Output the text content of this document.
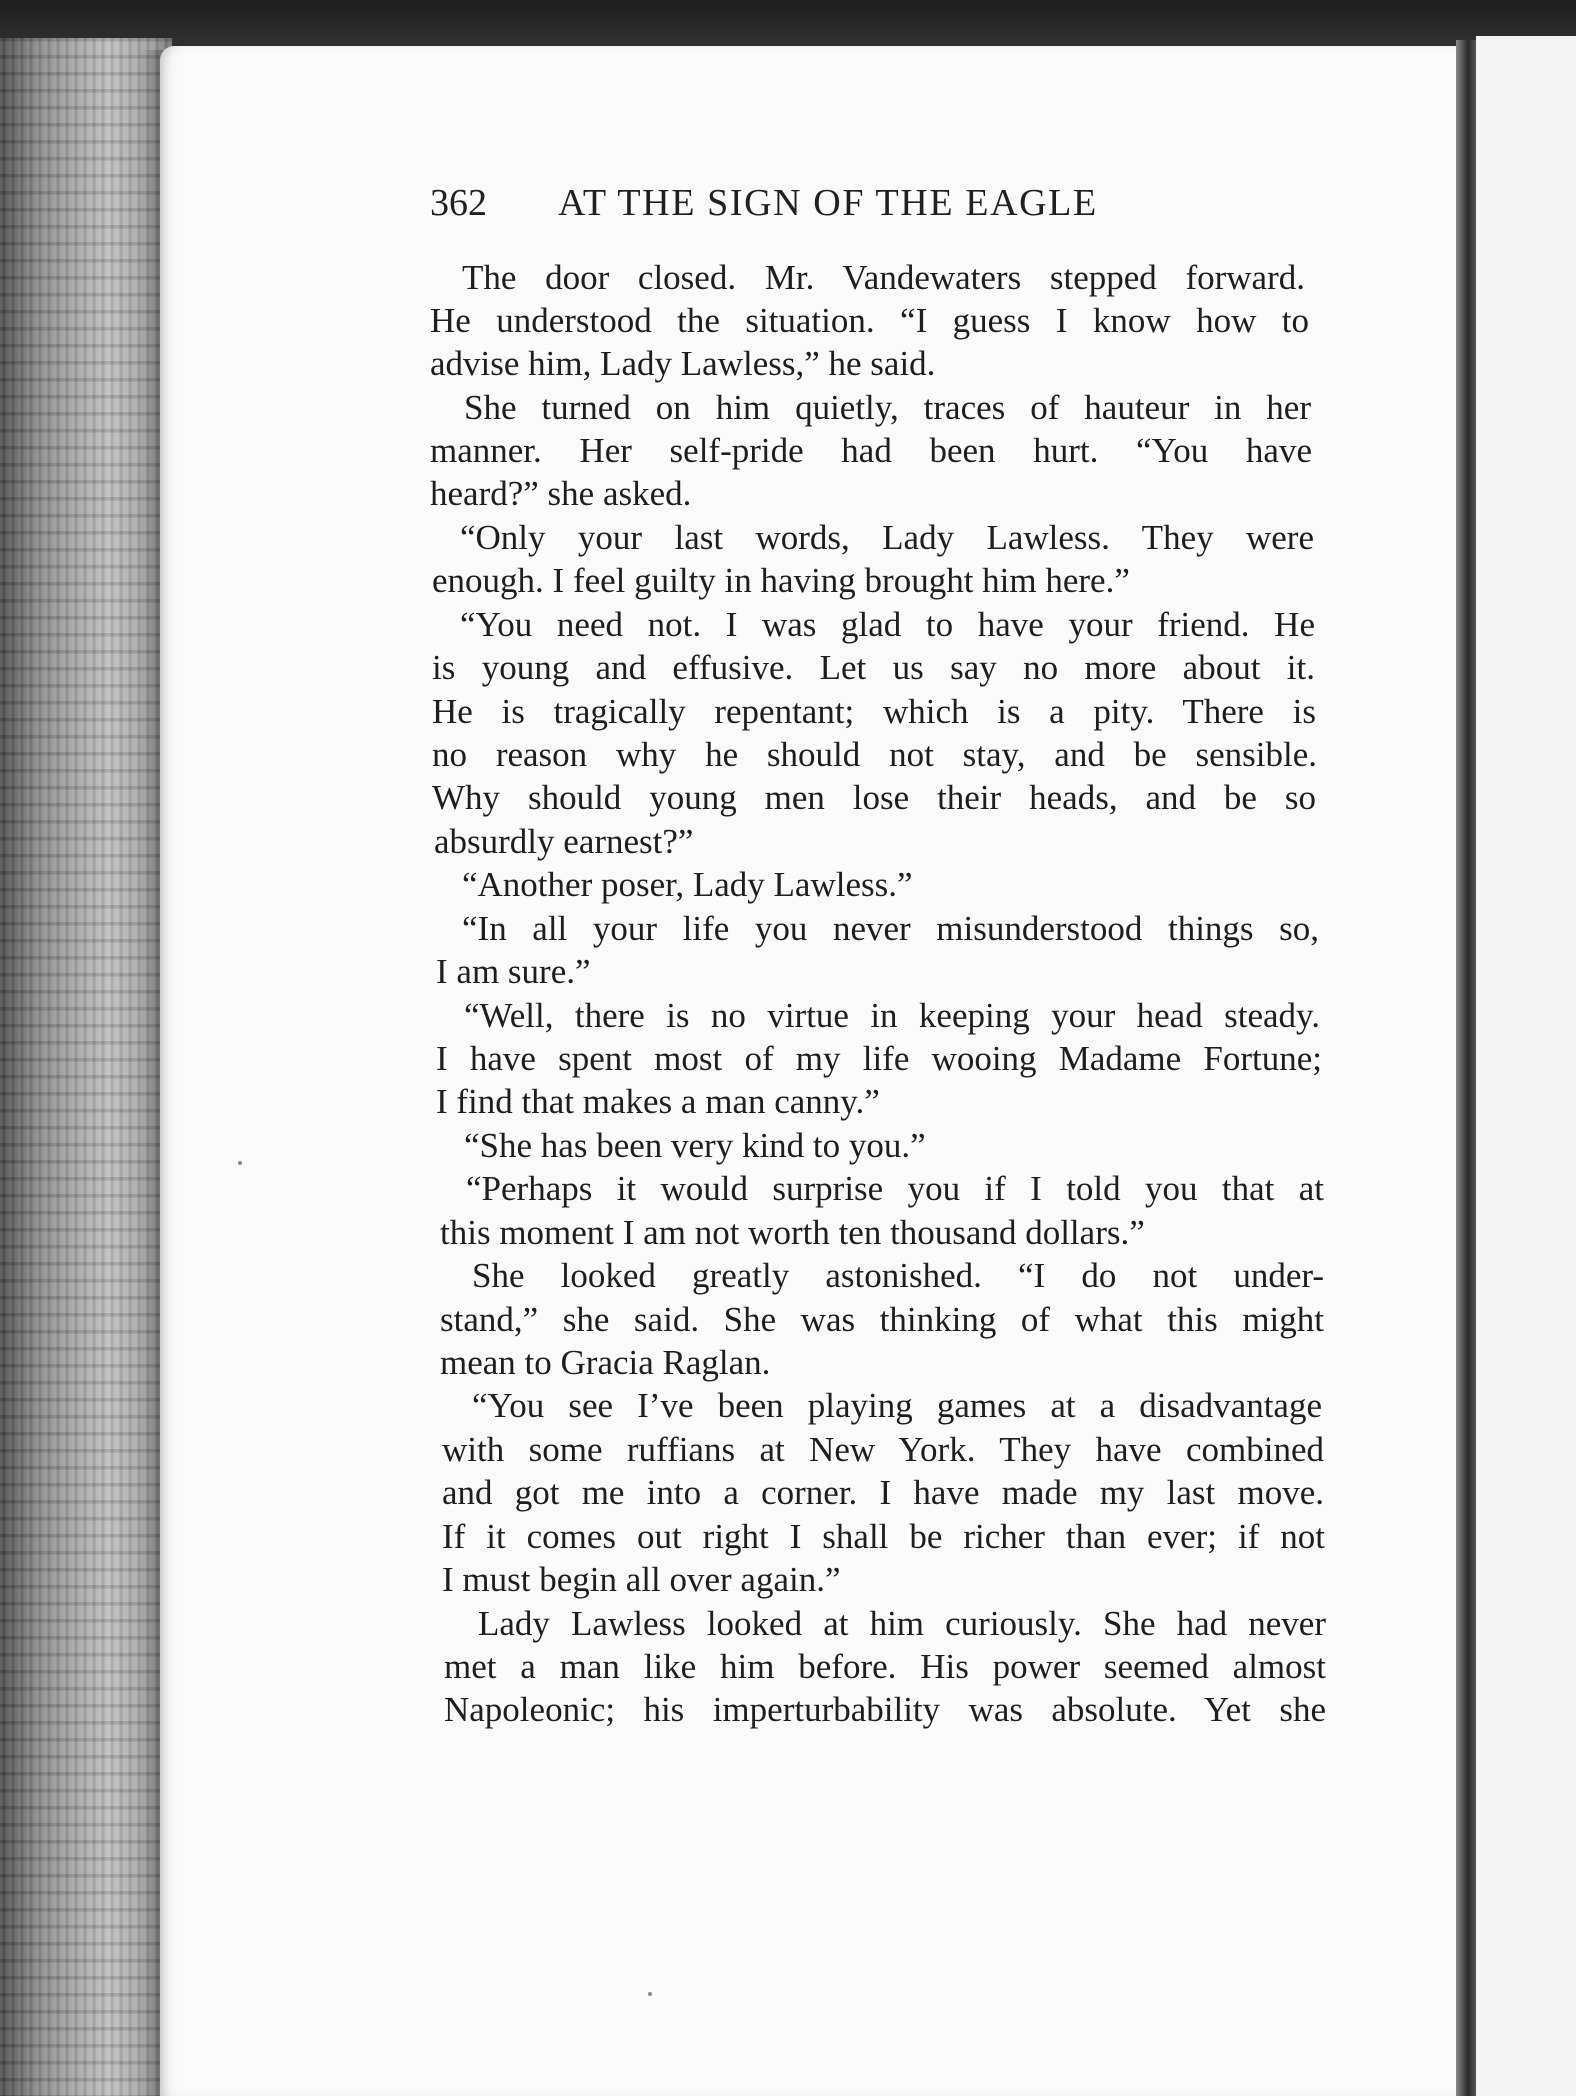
362 AT THE SIGN OF THE EAGLE

The door closed. Mr. Vandewaters stepped forward.

He understood the situation. “I guess I know how to

advise him, Lady Lawless,” he said.

She turned on him quietly, traces of hauteur in her

manner. Her self-pride had been hurt. “You have

heard?” she asked.

“Only your last words, Lady Lawless. They were

enough. I feel guilty in having brought him here.”

“You need not. I was glad to have your friend. He

is young and effusive. Let us say no more about it.

He is tragically repentant; which is a pity. There is

no reason why he should not stay, and be sensible.

Why should young men lose their heads, and be so

absurdly earnest?”

“Another poser, Lady Lawless.”

“In all your life you never misunderstood things so,

I am sure.”

“Well, there is no virtue in keeping your head steady.

I have spent most of my life wooing Madame Fortune;

I find that makes a man canny.”

“She has been very kind to you.”

“Perhaps it would surprise you if I told you that at

this moment I am not worth ten thousand dollars.”

She looked greatly astonished. “I do not under-

stand,” she said. She was thinking of what this might

mean to Gracia Raglan.

“You see I’ve been playing games at a disadvantage

with some ruffians at New York. They have combined

and got me into a corner. I have made my last move.

If it comes out right I shall be richer than ever; if not

I must begin all over again.”

Lady Lawless looked at him curiously. She had never

met a man like him before. His power seemed almost

Napoleonic; his imperturbability was absolute. Yet she
